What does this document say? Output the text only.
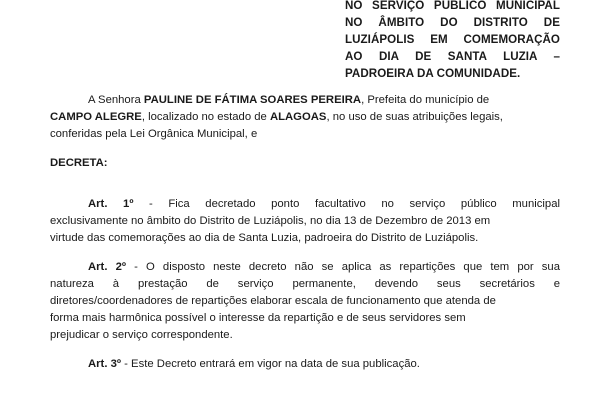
NO SERVIÇO PÚBLICO MUNICIPAL
NO ÂMBITO DO DISTRITO DE
LUZIÁPOLIS EM COMEMORAÇÃO
AO DIA DE SANTA LUZIA –
PADROEIRA DA COMUNIDADE.
A Senhora PAULINE DE FÁTIMA SOARES PEREIRA, Prefeita do município de
CAMPO ALEGRE, localizado no estado de ALAGOAS, no uso de suas atribuições legais,
conferidas pela Lei Orgânica Municipal, e
DECRETA:
Art. 1º - Fica decretado ponto facultativo no serviço público municipal
exclusivamente no âmbito do Distrito de Luziápolis, no dia 13 de Dezembro de 2013 em
virtude das comemorações ao dia de Santa Luzia, padroeira do Distrito de Luziápolis.
Art. 2º - O disposto neste decreto não se aplica as repartições que tem por sua
natureza à prestação de serviço permanente, devendo seus secretários e
diretores/coordenadores de repartições elaborar escala de funcionamento que atenda de
forma mais harmônica possível o interesse da repartição e de seus servidores sem
prejudicar o serviço correspondente.
Art. 3º - Este Decreto entrará em vigor na data de sua publicação.
